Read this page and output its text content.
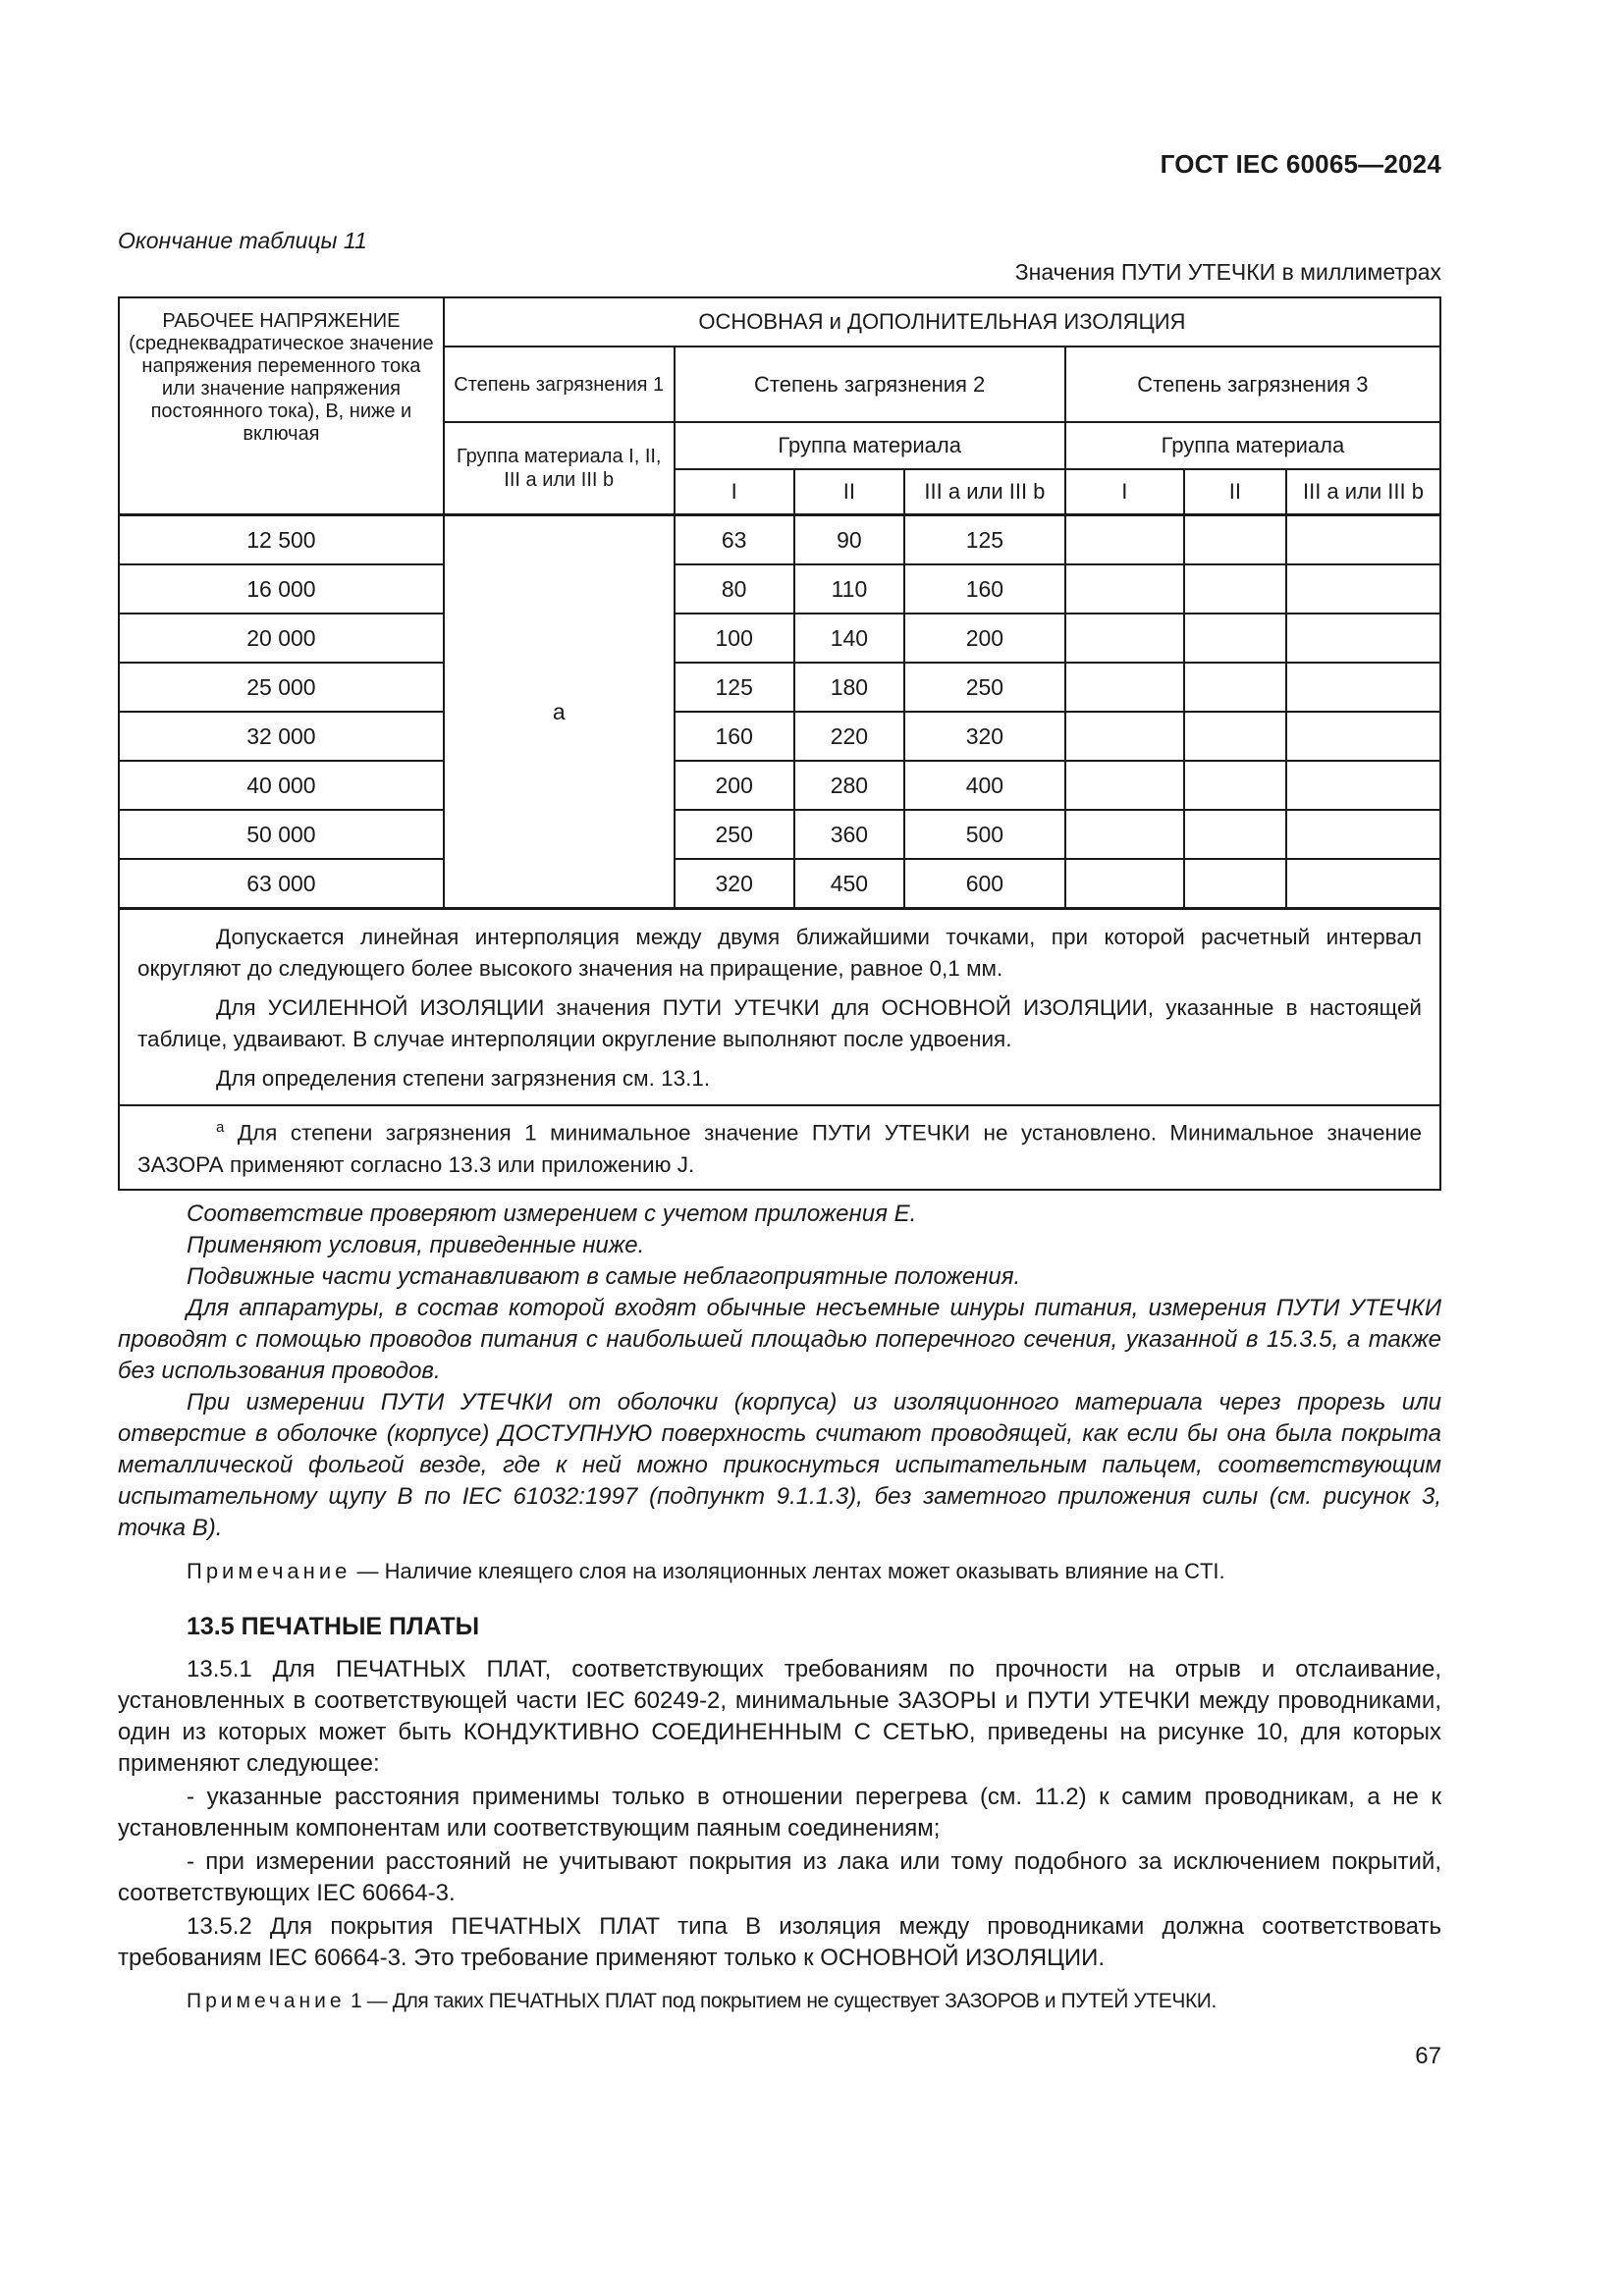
ГОСТ IEC 60065—2024
Окончание таблицы 11
Значения ПУТИ УТЕЧКИ в миллиметрах
РАБОЧЕЕ НАПРЯЖЕНИЕ (среднеквадратическое значение напряжения переменного тока или значение напряжения постоянного тока), В, ниже и включая	ОСНОВНАЯ и ДОПОЛНИТЕЛЬНАЯ ИЗОЛЯЦИЯ						
	Степень загрязнения 1	Степень загрязнения 2			Степень загрязнения 3		
	Группа материала I, II, III a или III b	Группа материала			Группа материала		
		I	II	III a или III b	I	II	III a или III b
12 500	a	63	90	125			
16 000		80	110	160			
20 000		100	140	200			
25 000		125	180	250			
32 000		160	220	320			
40 000		200	280	400			
50 000		250	360	500			
63 000		320	450	600			

Допускается линейная интерполяция между двумя ближайшими точками, при которой расчетный интервал округляют до следующего более высокого значения на приращение, равное 0,1 мм.

Для УСИЛЕННОЙ ИЗОЛЯЦИИ значения ПУТИ УТЕЧКИ для ОСНОВНОЙ ИЗОЛЯЦИИ, указанные в настоящей таблице, удваивают. В случае интерполяции округление выполняют после удвоения.

Для определения степени загрязнения см. 13.1.							

$^a$ Для степени загрязнения 1 минимальное значение ПУТИ УТЕЧКИ не установлено. Минимальное значение ЗАЗОРА применяют согласно 13.3 или приложению J.							

Соответствие проверяют измерением с учетом приложения Е.

Применяют условия, приведенные ниже.

Подвижные части устанавливают в самые неблагоприятные положения.

Для аппаратуры, в состав которой входят обычные несъемные шнуры питания, измерения ПУТИ УТЕЧКИ проводят с помощью проводов питания с наибольшей площадью поперечного сечения, указанной в 15.3.5, а также без использования проводов.

При измерении ПУТИ УТЕЧКИ от оболочки (корпуса) из изоляционного материала через прорезь или отверстие в оболочке (корпусе) ДОСТУПНУЮ поверхность считают проводящей, как если бы она была покрыта металлической фольгой везде, где к ней можно прикоснуться испытательным пальцем, соответствующим испытательному щупу В по IEC 61032:1997 (подпункт 9.1.1.3), без заметного приложения силы (см. рисунок 3, точка В).

Примечание — Наличие клеящего слоя на изоляционных лентах может оказывать влияние на CTI.

13.5 ПЕЧАТНЫЕ ПЛАТЫ

13.5.1 Для ПЕЧАТНЫХ ПЛАТ, соответствующих требованиям по прочности на отрыв и отслаивание, установленных в соответствующей части IEC 60249-2, минимальные ЗАЗОРЫ и ПУТИ УТЕЧКИ между проводниками, один из которых может быть КОНДУКТИВНО СОЕДИНЕННЫМ С СЕТЬЮ, приведены на рисунке 10, для которых применяют следующее:

- указанные расстояния применимы только в отношении перегрева (см. 11.2) к самим проводникам, а не к установленным компонентам или соответствующим паяным соединениям;

- при измерении расстояний не учитывают покрытия из лака или тому подобного за исключением покрытий, соответствующих IEC 60664-3.

13.5.2 Для покрытия ПЕЧАТНЫХ ПЛАТ типа В изоляция между проводниками должна соответствовать требованиям IEC 60664-3. Это требование применяют только к ОСНОВНОЙ ИЗОЛЯЦИИ.

Примечание 1 — Для таких ПЕЧАТНЫХ ПЛАТ под покрытием не существует ЗАЗОРОВ и ПУТЕЙ УТЕЧКИ.

67
